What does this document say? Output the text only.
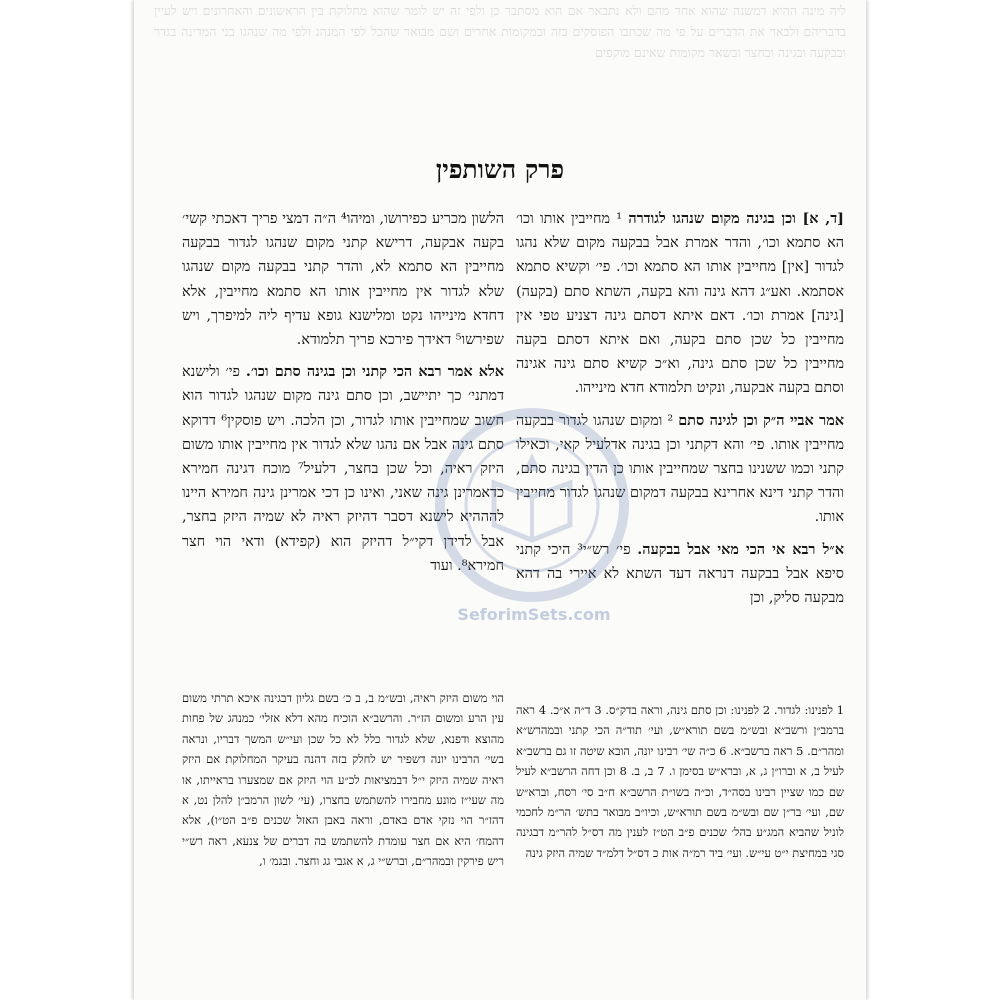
ליה מינה ההיא דמשנה שהוא אחד מהם ולא נתבאר אם הוא מסתבר כן ולפי זה יש לומר שהוא מחלוקת בין הראשונים והאחרונים ויש לעיין בדבריהם ולבאר את הדברים על פי מה שכתבו הפוסקים בזה ובמקומות אחרים ושם מבואר שהכל לפי המנהג ולפי מה שנהגו בני המדינה בגדר ובבקעה ובגינה ובחצר ובשאר מקומות שאינם מוקפים
פרק השותפין

[ד, א] וכן בגינה מקום שנהגו לגודרה ¹ מחייבין אותו וכו׳ הא סתמא וכו׳, והדר אמרת אבל בבקעה מקום שלא נהגו לגדור [אין] מחייבין אותו הא סתמא וכו׳. פי׳ וקשיא סתמא אסתמא. ואע״ג דהא גינה והא בקעה, השתא סתם (בקעה) [גינה] אמרת וכו׳. דאם איתא דסתם גינה דצניע טפי אין מחייבין כל שכן סתם בקעה, ואם איתא דסתם בקעה מחייבין כל שכן סתם גינה, וא״כ קשיא סתם גינה אגינה וסתם בקעה אבקעה, ונקיט תלמודא חדא מינייהו.

אמר אביי ה״ק וכן לגינה סתם ² ומקום שנהגו לגדור בבקעה מחייבין אותו. פי׳ והא דקתני וכן בגינה אדלעיל קאי, וכאילו קתני וכמו ששנינו בחצר שמחייבין אותו כן הדין בגינה סתם, והדר קתני דינא אחרינא בבקעה דמקום שנהגו לגדור מחייבין אותו.

א״ל רבא אי הכי מאי אבל בבקעה. פי׳ רש״י³ היכי קתני סיפא אבל בבקעה דנראה דעד השתא לא איירי בה דהא מבקעה סליק, וכן

הלשון מכריע כפירושו, ומיהו⁴ ה״ה דמצי פריך דאכתי קשי׳ בקעה אבקעה, דרישא קתני מקום שנהגו לגדור בבקעה מחייבין הא סתמא לא, והדר קתני בבקעה מקום שנהגו שלא לגדור אין מחייבין אותו הא סתמא מחייבין, אלא דחדא מינייהו נקט ומלישנא גופא עדיף ליה למיפרך, ויש שפירשו⁵ דאידך פירכא פריך תלמודא.

אלא אמר רבא הכי קתני וכן בגינה סתם וכו׳. פי׳ ולישנא דמתני׳ כך יתיישב, וכן סתם גינה מקום שנהגו לגדור הוא חשוב שמחייבין אותו לגדור, וכן הלכה. ויש פוסקין⁶ דדוקא סתם גינה אבל אם נהגו שלא לגדור אין מחייבין אותו משום היזק ראיה, וכל שכן בחצר, דלעיל⁷ מוכח דגינה חמירא כדאמרינן גינה שאני, ואינו כן דכי אמרינן גינה חמירא היינו להההיא לישנא דסבר דהיזק ראיה לא שמיה היזק בחצר, אבל לדידן דקי״ל דהיזק הוא (קפידא) ודאי הוי חצר חמירא⁸. ועוד

1 לפנינו: לגדור. 2 לפנינו: וכן סתם גינה, וראה בדק״ס. 3 ד״ה א״כ. 4 ראה ברמב״ן ורשב״א ובש״מ בשם תורא״ש, ועי׳ תוד״ה הכי קתני ובמהרש״א ומהר״ם. 5 ראה ברשב״א. 6 כ״ה שי׳ רבינו יונה, הובא שיטה זו גם ברשב״א לעיל ב, א וברו״ן ג, א, וברא״ש בסימן ו. 7 ב, ב. 8 וכן דחה הרשב״א לעיל שם כמו שציין רבינו בסה״ד, וכ״ה בשו״ת הרשב״א ח״ב סי׳ רסח, וברא״ש שם, ועי׳ בר״ן שם ובש״מ בשם תורא״ש, וכיו״ב מבואר בתש׳ הר״מ לחכמי לוניל שהביא המג״ע בהל׳ שכנים פ״ב הט״ז לענין מה דס״ל להר״מ דבגינה סגי במחיצת י״ט עי״ש. ועי׳ ביד רמ״ה אות כ דס״ל דלמ״ד שמיה היזק גינה
הוי משום היזק ראיה, ובש״מ ב, ב כ׳ בשם גליון דבגינה איכא תרתי משום עין הרע ומשום הז״ר. והרשב״א הוכיח מהא דלא אזלי׳ כמנהג של פחות מהוצא ודפנא, שלא לגדור כלל לא כל שכן ועי״ש המשך דבריו, ונראה בשי׳ הרבינו יונה דשפיר יש לחלק בזה דהנה בעיקר המחלוקת אם היזק ראיה שמיה היזק י״ל דבמציאות לכ״ע הוי היזק אם שמצערו בראייתו, או מה שעי״ז מונע מחבירו להשתמש בחצרו, (עי׳ לשון הרמב״ן להלן נט, א דהז״ר הוי נזקי אדם באדם, וראה באבן האזל שכנים פ״ב הט״ו), אלא דהמח׳ היא אם חצר עומדת להשתמש בה דברים של צנעא, ראה רש״י ריש פירקין ובמהר״ם, וברש״י ג, א אגבי גג וחצר. ובגמ׳ ו,
SeforimSets.com
